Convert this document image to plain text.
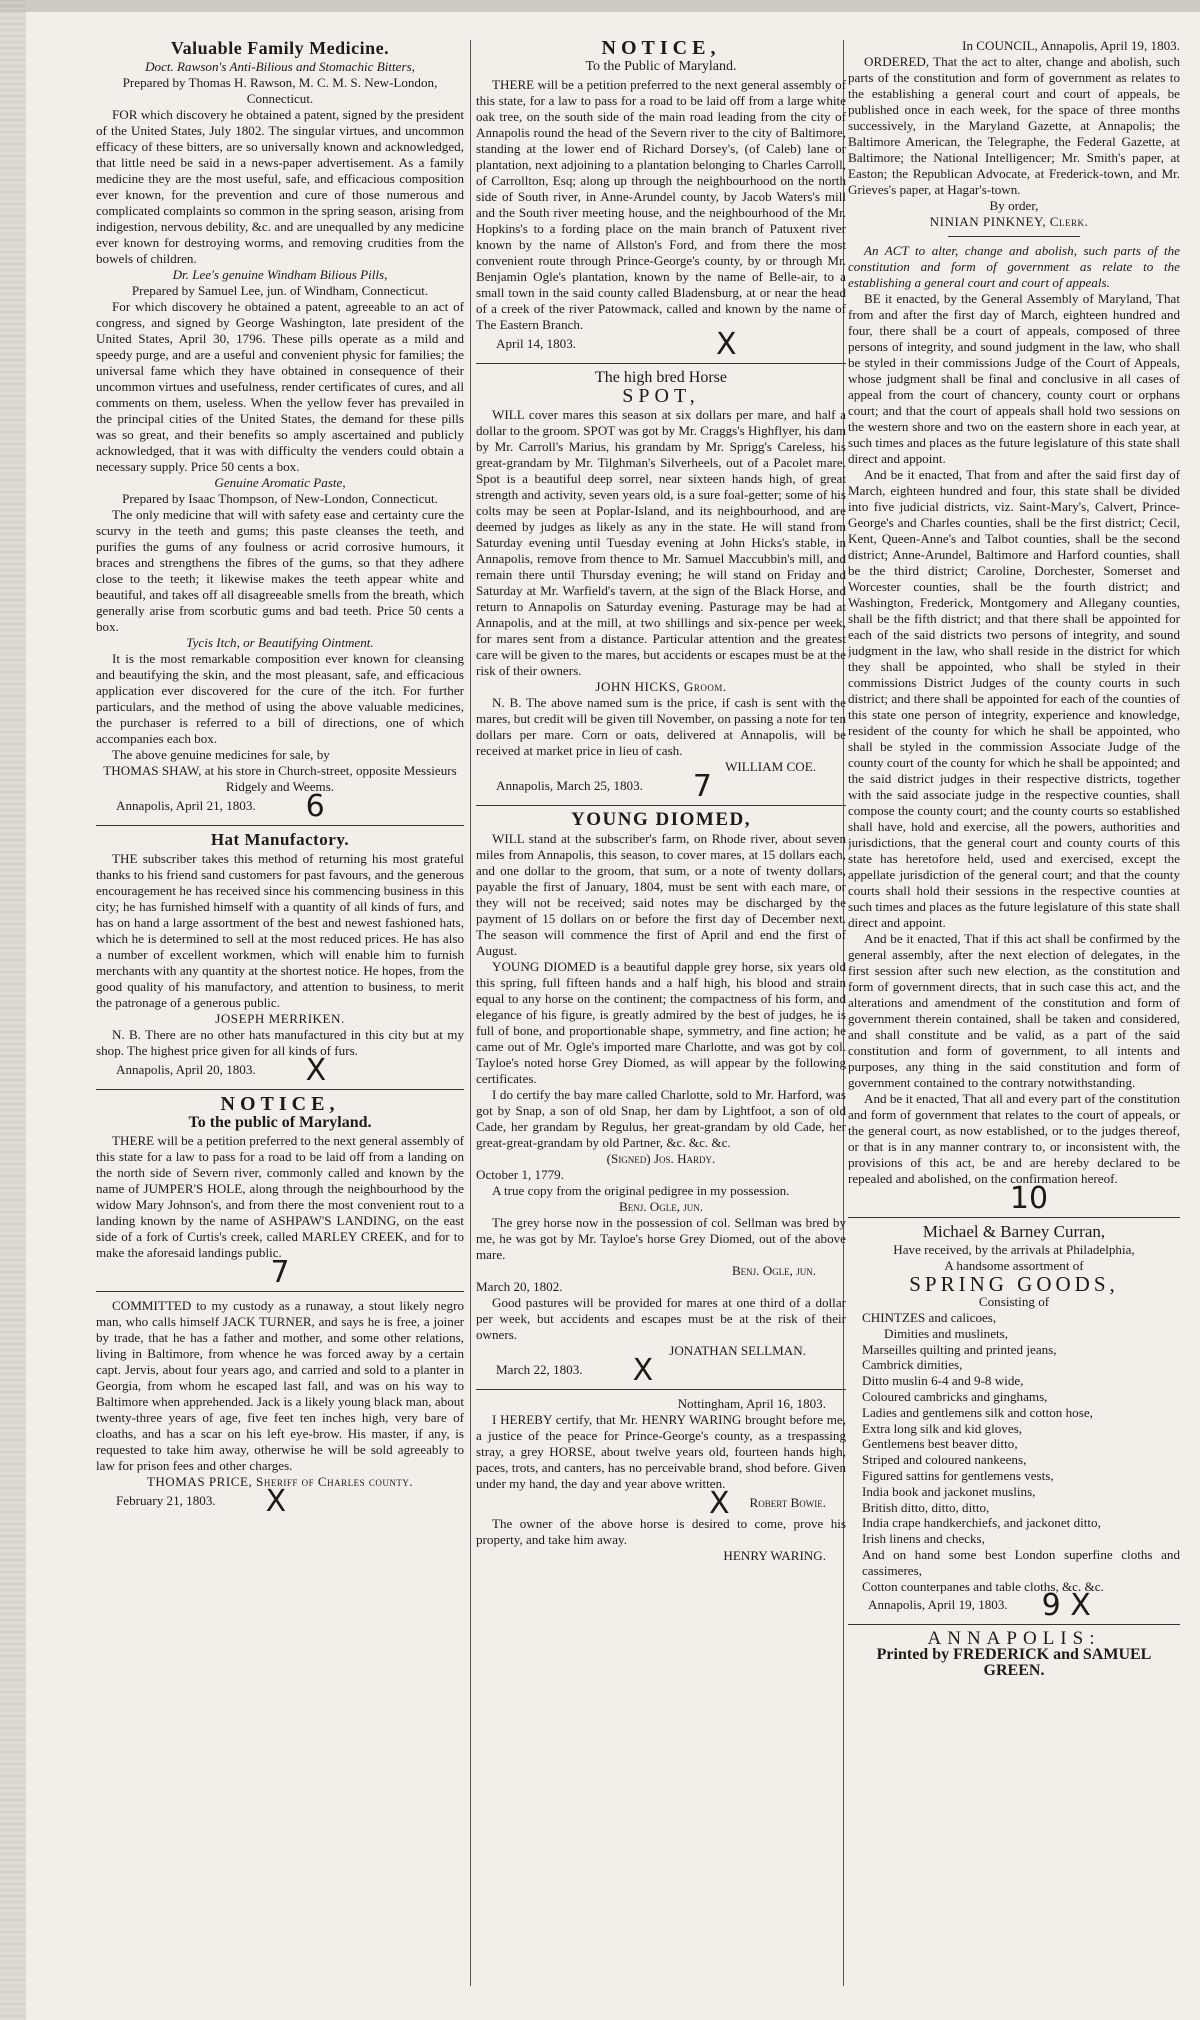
Valuable Family Medicine.

Doct. Rawson's Anti-Bilious and Stomachic Bitters,

Prepared by Thomas H. Rawson, M. C. M. S. New-London, Connecticut.

FOR which discovery he obtained a patent, signed by the president of the United States, July 1802. The singular virtues, and uncommon efficacy of these bitters, are so universally known and acknowledged, that little need be said in a news-paper advertisement. As a family medicine they are the most useful, safe, and efficacious composition ever known, for the prevention and cure of those numerous and complicated complaints so common in the spring season, arising from indigestion, nervous debility, &c. and are unequalled by any medicine ever known for destroying worms, and removing crudities from the bowels of children.

Dr. Lee's genuine Windham Bilious Pills,

Prepared by Samuel Lee, jun. of Windham, Connecticut.

For which discovery he obtained a patent, agreeable to an act of congress, and signed by George Washington, late president of the United States, April 30, 1796. These pills operate as a mild and speedy purge, and are a useful and convenient physic for families; the universal fame which they have obtained in consequence of their uncommon virtues and usefulness, render certificates of cures, and all comments on them, useless. When the yellow fever has prevailed in the principal cities of the United States, the demand for these pills was so great, and their benefits so amply ascertained and publicly acknowledged, that it was with difficulty the venders could obtain a necessary supply. Price 50 cents a box.

Genuine Aromatic Paste,

Prepared by Isaac Thompson, of New-London, Connecticut.

The only medicine that will with safety ease and certainty cure the scurvy in the teeth and gums; this paste cleanses the teeth, and purifies the gums of any foulness or acrid corrosive humours, it braces and strengthens the fibres of the gums, so that they adhere close to the teeth; it likewise makes the teeth appear white and beautiful, and takes off all disagreeable smells from the breath, which generally arise from scorbutic gums and bad teeth. Price 50 cents a box.

Tycis Itch, or Beautifying Ointment.

It is the most remarkable composition ever known for cleansing and beautifying the skin, and the most pleasant, safe, and efficacious application ever discovered for the cure of the itch. For further particulars, and the method of using the above valuable medicines, the purchaser is referred to a bill of directions, one of which accompanies each box.

The above genuine medicines for sale, by

THOMAS SHAW, at his store in Church-street, opposite Messieurs Ridgely and Weems.

Annapolis, April 21, 1803. 6

Hat Manufactory.

THE subscriber takes this method of returning his most grateful thanks to his friend sand customers for past favours, and the generous encouragement he has received since his commencing business in this city; he has furnished himself with a quantity of all kinds of furs, and has on hand a large assortment of the best and newest fashioned hats, which he is determined to sell at the most reduced prices. He has also a number of excellent workmen, which will enable him to furnish merchants with any quantity at the shortest notice. He hopes, from the good quality of his manufactory, and attention to business, to merit the patronage of a generous public.

JOSEPH MERRIKEN.

N. B. There are no other hats manufactured in this city but at my shop. The highest price given for all kinds of furs.

Annapolis, April 20, 1803. X

NOTICE,
To the public of Maryland.

THERE will be a petition preferred to the next general assembly of this state for a law to pass for a road to be laid off from a landing on the north side of Severn river, commonly called and known by the name of JUMPER'S HOLE, along through the neighbourhood by the widow Mary Johnson's, and from there the most convenient rout to a landing known by the name of ASHPAW'S LANDING, on the east side of a fork of Curtis's creek, called MARLEY CREEK, and for to make the aforesaid landings public.

7

COMMITTED to my custody as a runaway, a stout likely negro man, who calls himself JACK TURNER, and says he is free, a joiner by trade, that he has a father and mother, and some other relations, living in Baltimore, from whence he was forced away by a certain capt. Jervis, about four years ago, and carried and sold to a planter in Georgia, from whom he escaped last fall, and was on his way to Baltimore when apprehended. Jack is a likely young black man, about twenty-three years of age, five feet ten inches high, very bare of cloaths, and has a scar on his left eye-brow. His master, if any, is requested to take him away, otherwise he will be sold agreeably to law for prison fees and other charges.

THOMAS PRICE, Sheriff of Charles county.

February 21, 1803. X

NOTICE,
To the Public of Maryland.

THERE will be a petition preferred to the next general assembly of this state, for a law to pass for a road to be laid off from a large white oak tree, on the south side of the main road leading from the city of Annapolis round the head of the Severn river to the city of Baltimore, standing at the lower end of Richard Dorsey's, (of Caleb) lane or plantation, next adjoining to a plantation belonging to Charles Carroll, of Carrollton, Esq; along up through the neighbourhood on the north side of South river, in Anne-Arundel county, by Jacob Waters's mill and the South river meeting house, and the neighbourhood of the Mr. Hopkins's to a fording place on the main branch of Patuxent river known by the name of Allston's Ford, and from there the most convenient route through Prince-George's county, by or through Mr. Benjamin Ogle's plantation, known by the name of Belle-air, to a small town in the said county called Bladensburg, at or near the head of a creek of the river Patowmack, called and known by the name of The Eastern Branch.

April 14, 1803.	X

The high bred Horse
SPOT,

WILL cover mares this season at six dollars per mare, and half a dollar to the groom. SPOT was got by Mr. Craggs's Highflyer, his dam by Mr. Carroll's Marius, his grandam by Mr. Sprigg's Careless, his great-grandam by Mr. Tilghman's Silverheels, out of a Pacolet mare. Spot is a beautiful deep sorrel, near sixteen hands high, of great strength and activity, seven years old, is a sure foal-getter; some of his colts may be seen at Poplar-Island, and its neighbourhood, and are deemed by judges as likely as any in the state. He will stand from Saturday evening until Tuesday evening at John Hicks's stable, in Annapolis, remove from thence to Mr. Samuel Maccubbin's mill, and remain there until Thursday evening; he will stand on Friday and Saturday at Mr. Warfield's tavern, at the sign of the Black Horse, and return to Annapolis on Saturday evening. Pasturage may be had at Annapolis, and at the mill, at two shillings and six-pence per week, for mares sent from a distance. Particular attention and the greatest care will be given to the mares, but accidents or escapes must be at the risk of their owners.

JOHN HICKS, Groom.

N. B. The above named sum is the price, if cash is sent with the mares, but credit will be given till November, on passing a note for ten dollars per mare. Corn or oats, delivered at Annapolis, will be received at market price in lieu of cash.

WILLIAM COE.

Annapolis, March 25, 1803. 7

YOUNG DIOMED,

WILL stand at the subscriber's farm, on Rhode river, about seven miles from Annapolis, this season, to cover mares, at 15 dollars each, and one dollar to the groom, that sum, or a note of twenty dollars, payable the first of January, 1804, must be sent with each mare, or they will not be received; said notes may be discharged by the payment of 15 dollars on or before the first day of December next. The season will commence the first of April and end the first of August.

YOUNG DIOMED is a beautiful dapple grey horse, six years old this spring, full fifteen hands and a half high, his blood and strain equal to any horse on the continent; the compactness of his form, and elegance of his figure, is greatly admired by the best of judges, he is full of bone, and proportionable shape, symmetry, and fine action; he came out of Mr. Ogle's imported mare Charlotte, and was got by col. Tayloe's noted horse Grey Diomed, as will appear by the following certificates.

I do certify the bay mare called Charlotte, sold to Mr. Harford, was got by Snap, a son of old Snap, her dam by Lightfoot, a son of old Cade, her grandam by Regulus, her great-grandam by old Cade, her great-great-grandam by old Partner, &c. &c. &c.

(Signed) Jos. Hardy.

October 1, 1779.

A true copy from the original pedigree in my possession.

Benj. Ogle, jun.

The grey horse now in the possession of col. Sellman was bred by me, he was got by Mr. Tayloe's horse Grey Diomed, out of the above mare.

Benj. Ogle, jun.

March 20, 1802.

Good pastures will be provided for mares at one third of a dollar per week, but accidents and escapes must be at the risk of their owners.

JONATHAN SELLMAN.

March 22, 1803. X

Nottingham, April 16, 1803.

I HEREBY certify, that Mr. HENRY WARING brought before me, a justice of the peace for Prince-George's county, as a trespassing stray, a grey HORSE, about twelve years old, fourteen hands high, paces, trots, and canters, has no perceivable brand, shod before. Given under my hand, the day and year above written.

X Robert Bowie.

The owner of the above horse is desired to come, prove his property, and take him away.

HENRY WARING.

In COUNCIL, Annapolis, April 19, 1803.

ORDERED, That the act to alter, change and abolish, such parts of the constitution and form of government as relates to the establishing a general court and court of appeals, be published once in each week, for the space of three months successively, in the Maryland Gazette, at Annapolis; the Baltimore American, the Telegraphe, the Federal Gazette, at Baltimore; the National Intelligencer; Mr. Smith's paper, at Easton; the Republican Advocate, at Frederick-town, and Mr. Grieves's paper, at Hagar's-town.

By order,

NINIAN PINKNEY, Clerk.

An ACT to alter, change and abolish, such parts of the constitution and form of government as relate to the establishing a general court and court of appeals.

BE it enacted, by the General Assembly of Maryland, That from and after the first day of March, eighteen hundred and four, there shall be a court of appeals, composed of three persons of integrity, and sound judgment in the law, who shall be styled in their commissions Judge of the Court of Appeals, whose judgment shall be final and conclusive in all cases of appeal from the court of chancery, county court or orphans court; and that the court of appeals shall hold two sessions on the western shore and two on the eastern shore in each year, at such times and places as the future legislature of this state shall direct and appoint.

And be it enacted, That from and after the said first day of March, eighteen hundred and four, this state shall be divided into five judicial districts, viz. Saint-Mary's, Calvert, Prince-George's and Charles counties, shall be the first district; Cecil, Kent, Queen-Anne's and Talbot counties, shall be the second district; Anne-Arundel, Baltimore and Harford counties, shall be the third district; Caroline, Dorchester, Somerset and Worcester counties, shall be the fourth district; and Washington, Frederick, Montgomery and Allegany counties, shall be the fifth district; and that there shall be appointed for each of the said districts two persons of integrity, and sound judgment in the law, who shall reside in the district for which they shall be appointed, who shall be styled in their commissions District Judges of the county courts in such district; and there shall be appointed for each of the counties of this state one person of integrity, experience and knowledge, resident of the county for which he shall be appointed, who shall be styled in the commission Associate Judge of the county court of the county for which he shall be appointed; and the said district judges in their respective districts, together with the said associate judge in the respective counties, shall compose the county court; and the county courts so established shall have, hold and exercise, all the powers, authorities and jurisdictions, that the general court and county courts of this state has heretofore held, used and exercised, except the appellate jurisdiction of the general court; and that the county courts shall hold their sessions in the respective counties at such times and places as the future legislature of this state shall direct and appoint.

And be it enacted, That if this act shall be confirmed by the general assembly, after the next election of delegates, in the first session after such new election, as the constitution and form of government directs, that in such case this act, and the alterations and amendment of the constitution and form of government therein contained, shall be taken and considered, and shall constitute and be valid, as a part of the said constitution and form of government, to all intents and purposes, any thing in the said constitution and form of government contained to the contrary notwithstanding.

And be it enacted, That all and every part of the constitution and form of government that relates to the court of appeals, or the general court, as now established, or to the judges thereof, or that is in any manner contrary to, or inconsistent with, the provisions of this act, be and are hereby declared to be repealed and abolished, on the confirmation hereof.

10

Michael & Barney Curran,

Have received, by the arrivals at Philadelphia,

A handsome assortment of

SPRING GOODS,

Consisting of

CHINTZES and calicoes,
Dimities and muslinets,
Marseilles quilting and printed jeans,
Cambrick dimities,
Ditto muslin 6-4 and 9-8 wide,
Coloured cambricks and ginghams,
Ladies and gentlemens silk and cotton hose,
Extra long silk and kid gloves,
Gentlemens best beaver ditto,
Striped and coloured nankeens,
Figured sattins for gentlemens vests,
India book and jackonet muslins,
British ditto, ditto, ditto,
India crape handkerchiefs, and jackonet ditto,
Irish linens and checks,
And on hand some best London superfine cloths and cassimeres,
Cotton counterpanes and table cloths, &c. &c.

Annapolis, April 19, 1803. 9 X

ANNAPOLIS:
Printed by FREDERICK and SAMUEL GREEN.
